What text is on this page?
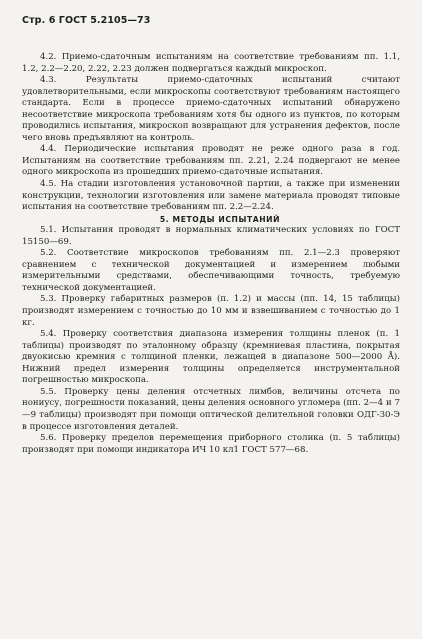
Стр. 6 ГОСТ 5.2105—73

4.2. Приемо-сдаточным испытаниям на соответствие требованиям пп. 1.1, 1.2, 2.2—2.20, 2.22, 2.23 должен подвергаться каждый микроскоп.

4.3. Результаты приемо-сдаточных испытаний считают удовлетворительными, если микроскопы соответствуют требованиям настоящего стандарта. Если в процессе приемо-сдаточных испытаний обнаружено несоответствие микроскопа требованиям хотя бы одного из пунктов, по которым проводились испытания, микроскоп возвращают для устранения дефектов, после чего вновь предъявляют на контроль.

4.4. Периодические испытания проводят не реже одного раза в год. Испытаниям на соответствие требованиям пп. 2.21, 2.24 подвергают не менее одного микроскопа из прошедших приемо-сдаточные испытания.

4.5. На стадии изготовления установочной партии, а также при изменении конструкции, технологии изготовления или замене материала проводят типовые испытания на соответствие требованиям пп. 2.2—2.24.

5. МЕТОДЫ ИСПЫТАНИЙ

5.1. Испытания проводят в нормальных климатических условиях по ГОСТ 15150—69.

5.2. Соответствие микроскопов требованиям пп. 2.1—2.3 проверяют сравнением с технической документацией и измерением любыми измерительными средствами, обеспечивающими точность, требуемую технической документацией.

5.3. Проверку габаритных размеров (п. 1.2) и массы (пп. 14, 15 таблицы) производят измерением с точностью до 10 мм и взвешиванием с точностью до 1 кг.

5.4. Проверку соответствия диапазона измерения толщины пленок (п. 1 таблицы) производят по эталонному образцу (кремниевая пластина, покрытая двуокисью кремния с толщиной пленки, лежащей в диапазоне 500—2000 Å). Нижний предел измерения толщины определяется инструментальной погрешностью микроскопа.

5.5. Проверку цены деления отсчетных лимбов, величины отсчета по нониусу, погрешности показаний, цены деления основного угломера (пп. 2—4 и 7—9 таблицы) производят при помощи оптической делительной головки ОДГ-30-Э в процессе изготовления деталей.

5.6. Проверку пределов перемещения приборного столика (п. 5 таблицы) производят при помощи индикатора ИЧ 10 кл1 ГОСТ 577—68.
